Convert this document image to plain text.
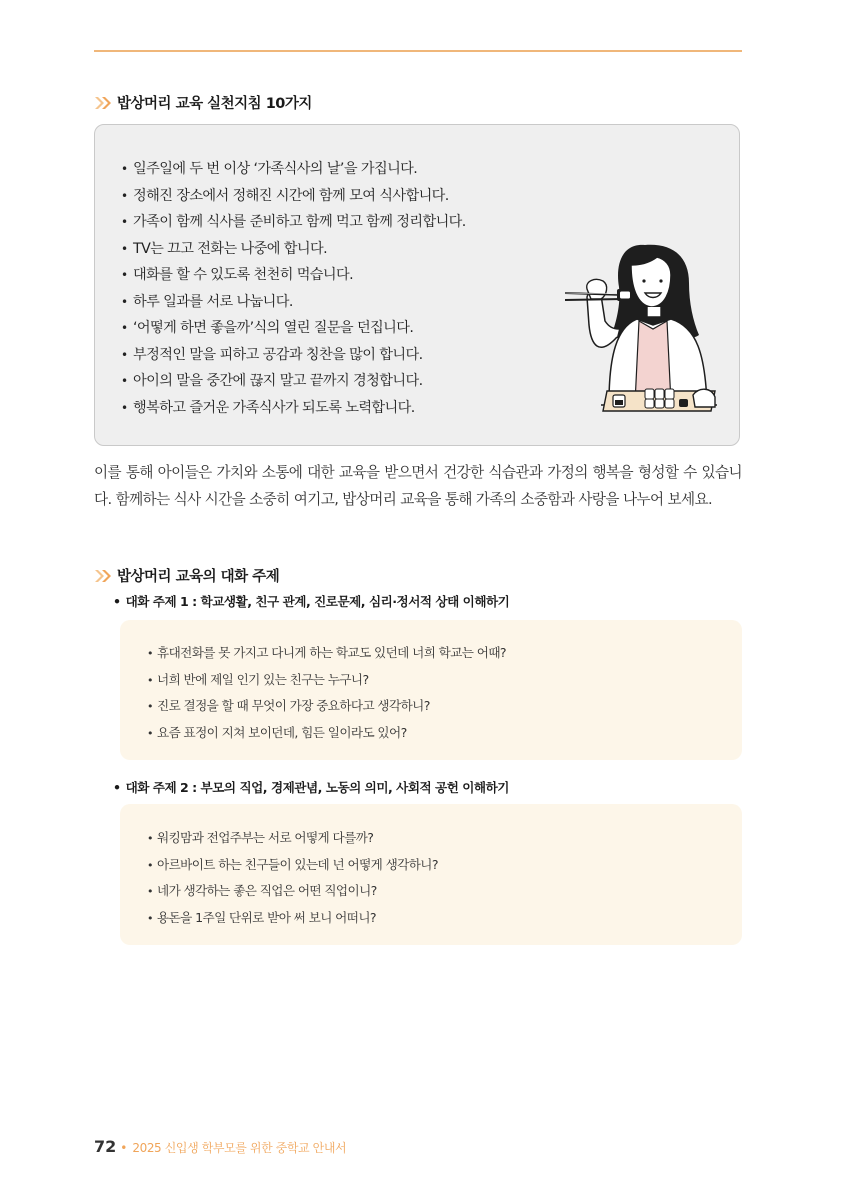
밥상머리 교육 실천지침 10가지
• 일주일에 두 번 이상 ‘가족식사의 날’을 가집니다.
• 정해진 장소에서 정해진 시간에 함께 모여 식사합니다.
• 가족이 함께 식사를 준비하고 함께 먹고 함께 정리합니다.
• TV는 끄고 전화는 나중에 합니다.
• 대화를 할 수 있도록 천천히 먹습니다.
• 하루 일과를 서로 나눕니다.
• ‘어떻게 하면 좋을까’식의 열린 질문을 던집니다.
• 부정적인 말을 피하고 공감과 칭찬을 많이 합니다.
• 아이의 말을 중간에 끊지 말고 끝까지 경청합니다.
• 행복하고 즐거운 가족식사가 되도록 노력합니다.

이를 통해 아이들은 가치와 소통에 대한 교육을 받으면서 건강한 식습관과 가정의 행복을 형성할 수 있습니다. 함께하는 식사 시간을 소중히 여기고, 밥상머리 교육을 통해 가족의 소중함과 사랑을 나누어 보세요.

밥상머리 교육의 대화 주제
• 대화 주제 1 : 학교생활, 친구 관계, 진로문제, 심리·정서적 상태 이해하기
• 휴대전화를 못 가지고 다니게 하는 학교도 있던데 너희 학교는 어때?
• 너희 반에 제일 인기 있는 친구는 누구니?
• 진로 결정을 할 때 무엇이 가장 중요하다고 생각하니?
• 요즘 표정이 지쳐 보이던데, 힘든 일이라도 있어?
• 대화 주제 2 : 부모의 직업, 경제관념, 노동의 의미, 사회적 공헌 이해하기
• 워킹맘과 전업주부는 서로 어떻게 다를까?
• 아르바이트 하는 친구들이 있는데 넌 어떻게 생각하니?
• 네가 생각하는 좋은 직업은 어떤 직업이니?
• 용돈을 1주일 단위로 받아 써 보니 어떠니?
72 • 2025 신입생 학부모를 위한 중학교 안내서
